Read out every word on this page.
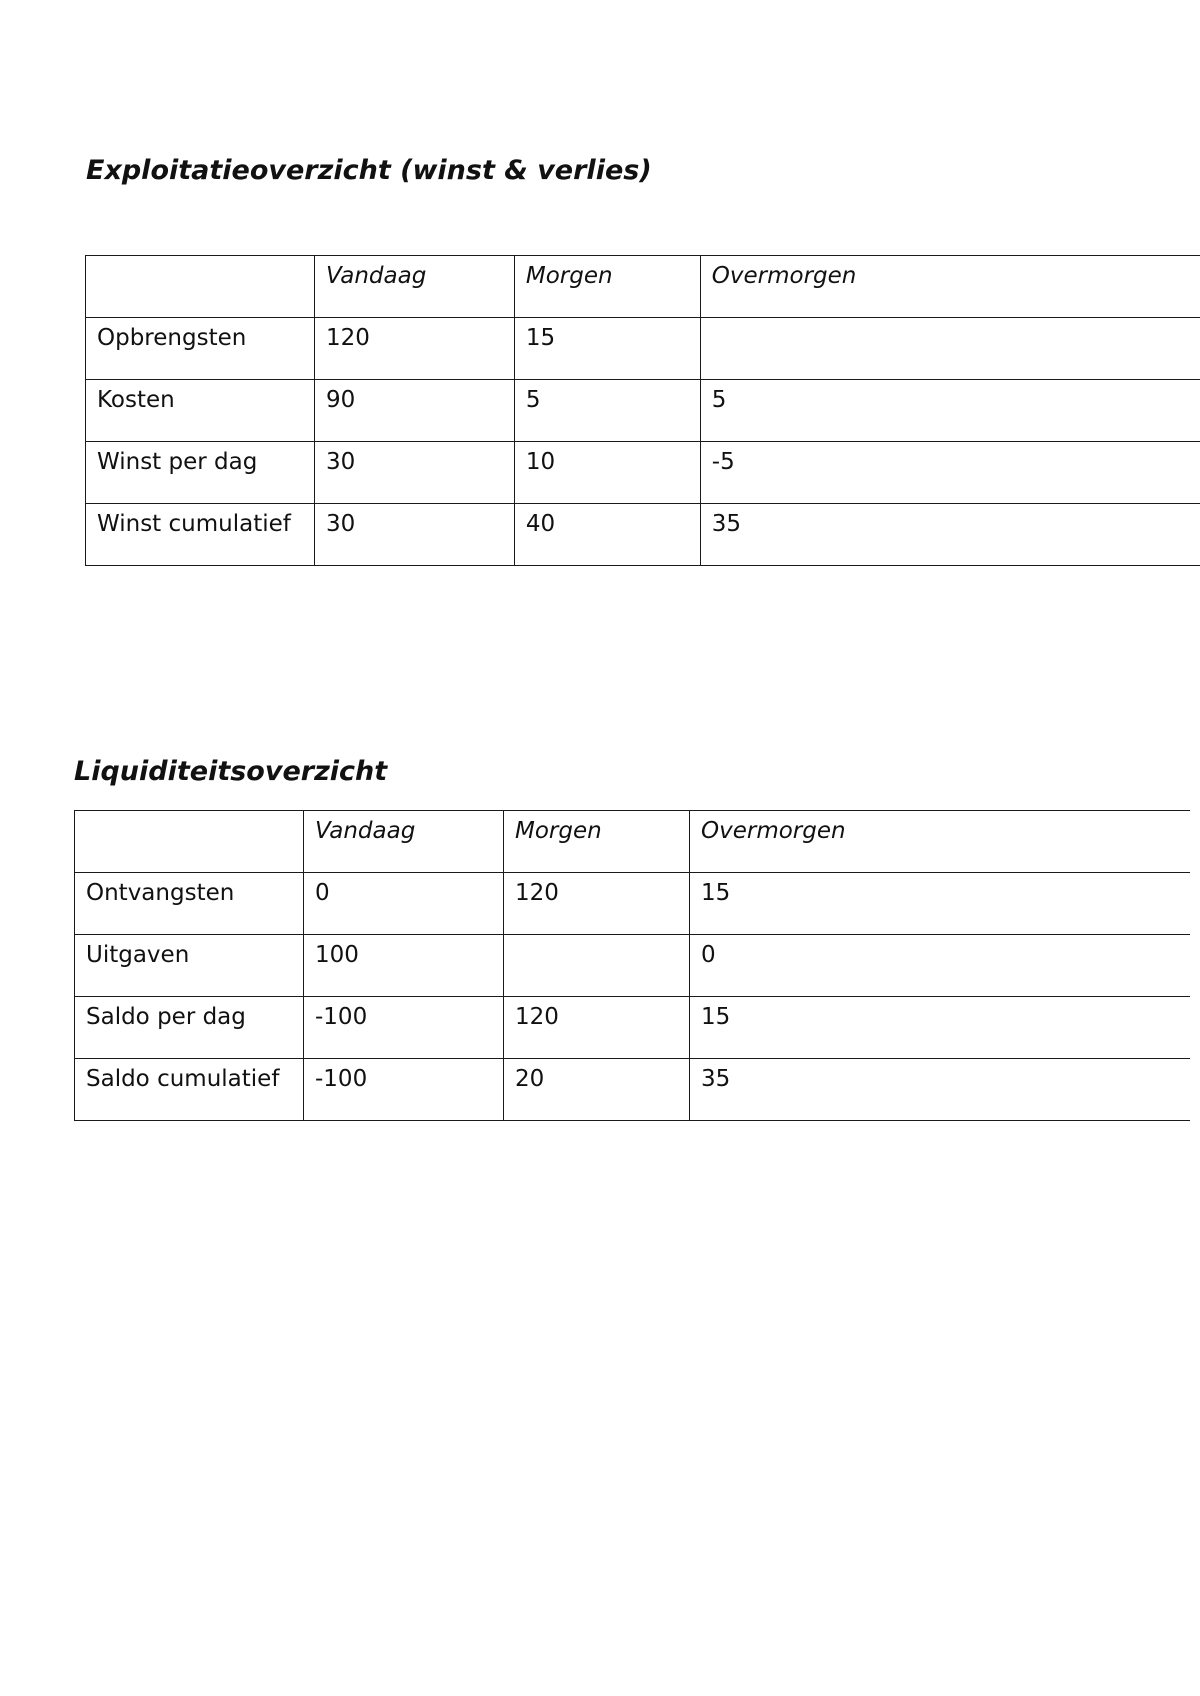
Exploitatieoverzicht (winst & verlies)
	Vandaag	Morgen	Overmorgen
Opbrengsten	120	15	
Kosten	90	5	5
Winst per dag	30	10	-5
Winst cumulatief	30	40	35
Liquiditeitsoverzicht
	Vandaag	Morgen	Overmorgen
Ontvangsten	0	120	15
Uitgaven	100		0
Saldo per dag	-100	120	15
Saldo cumulatief	-100	20	35
